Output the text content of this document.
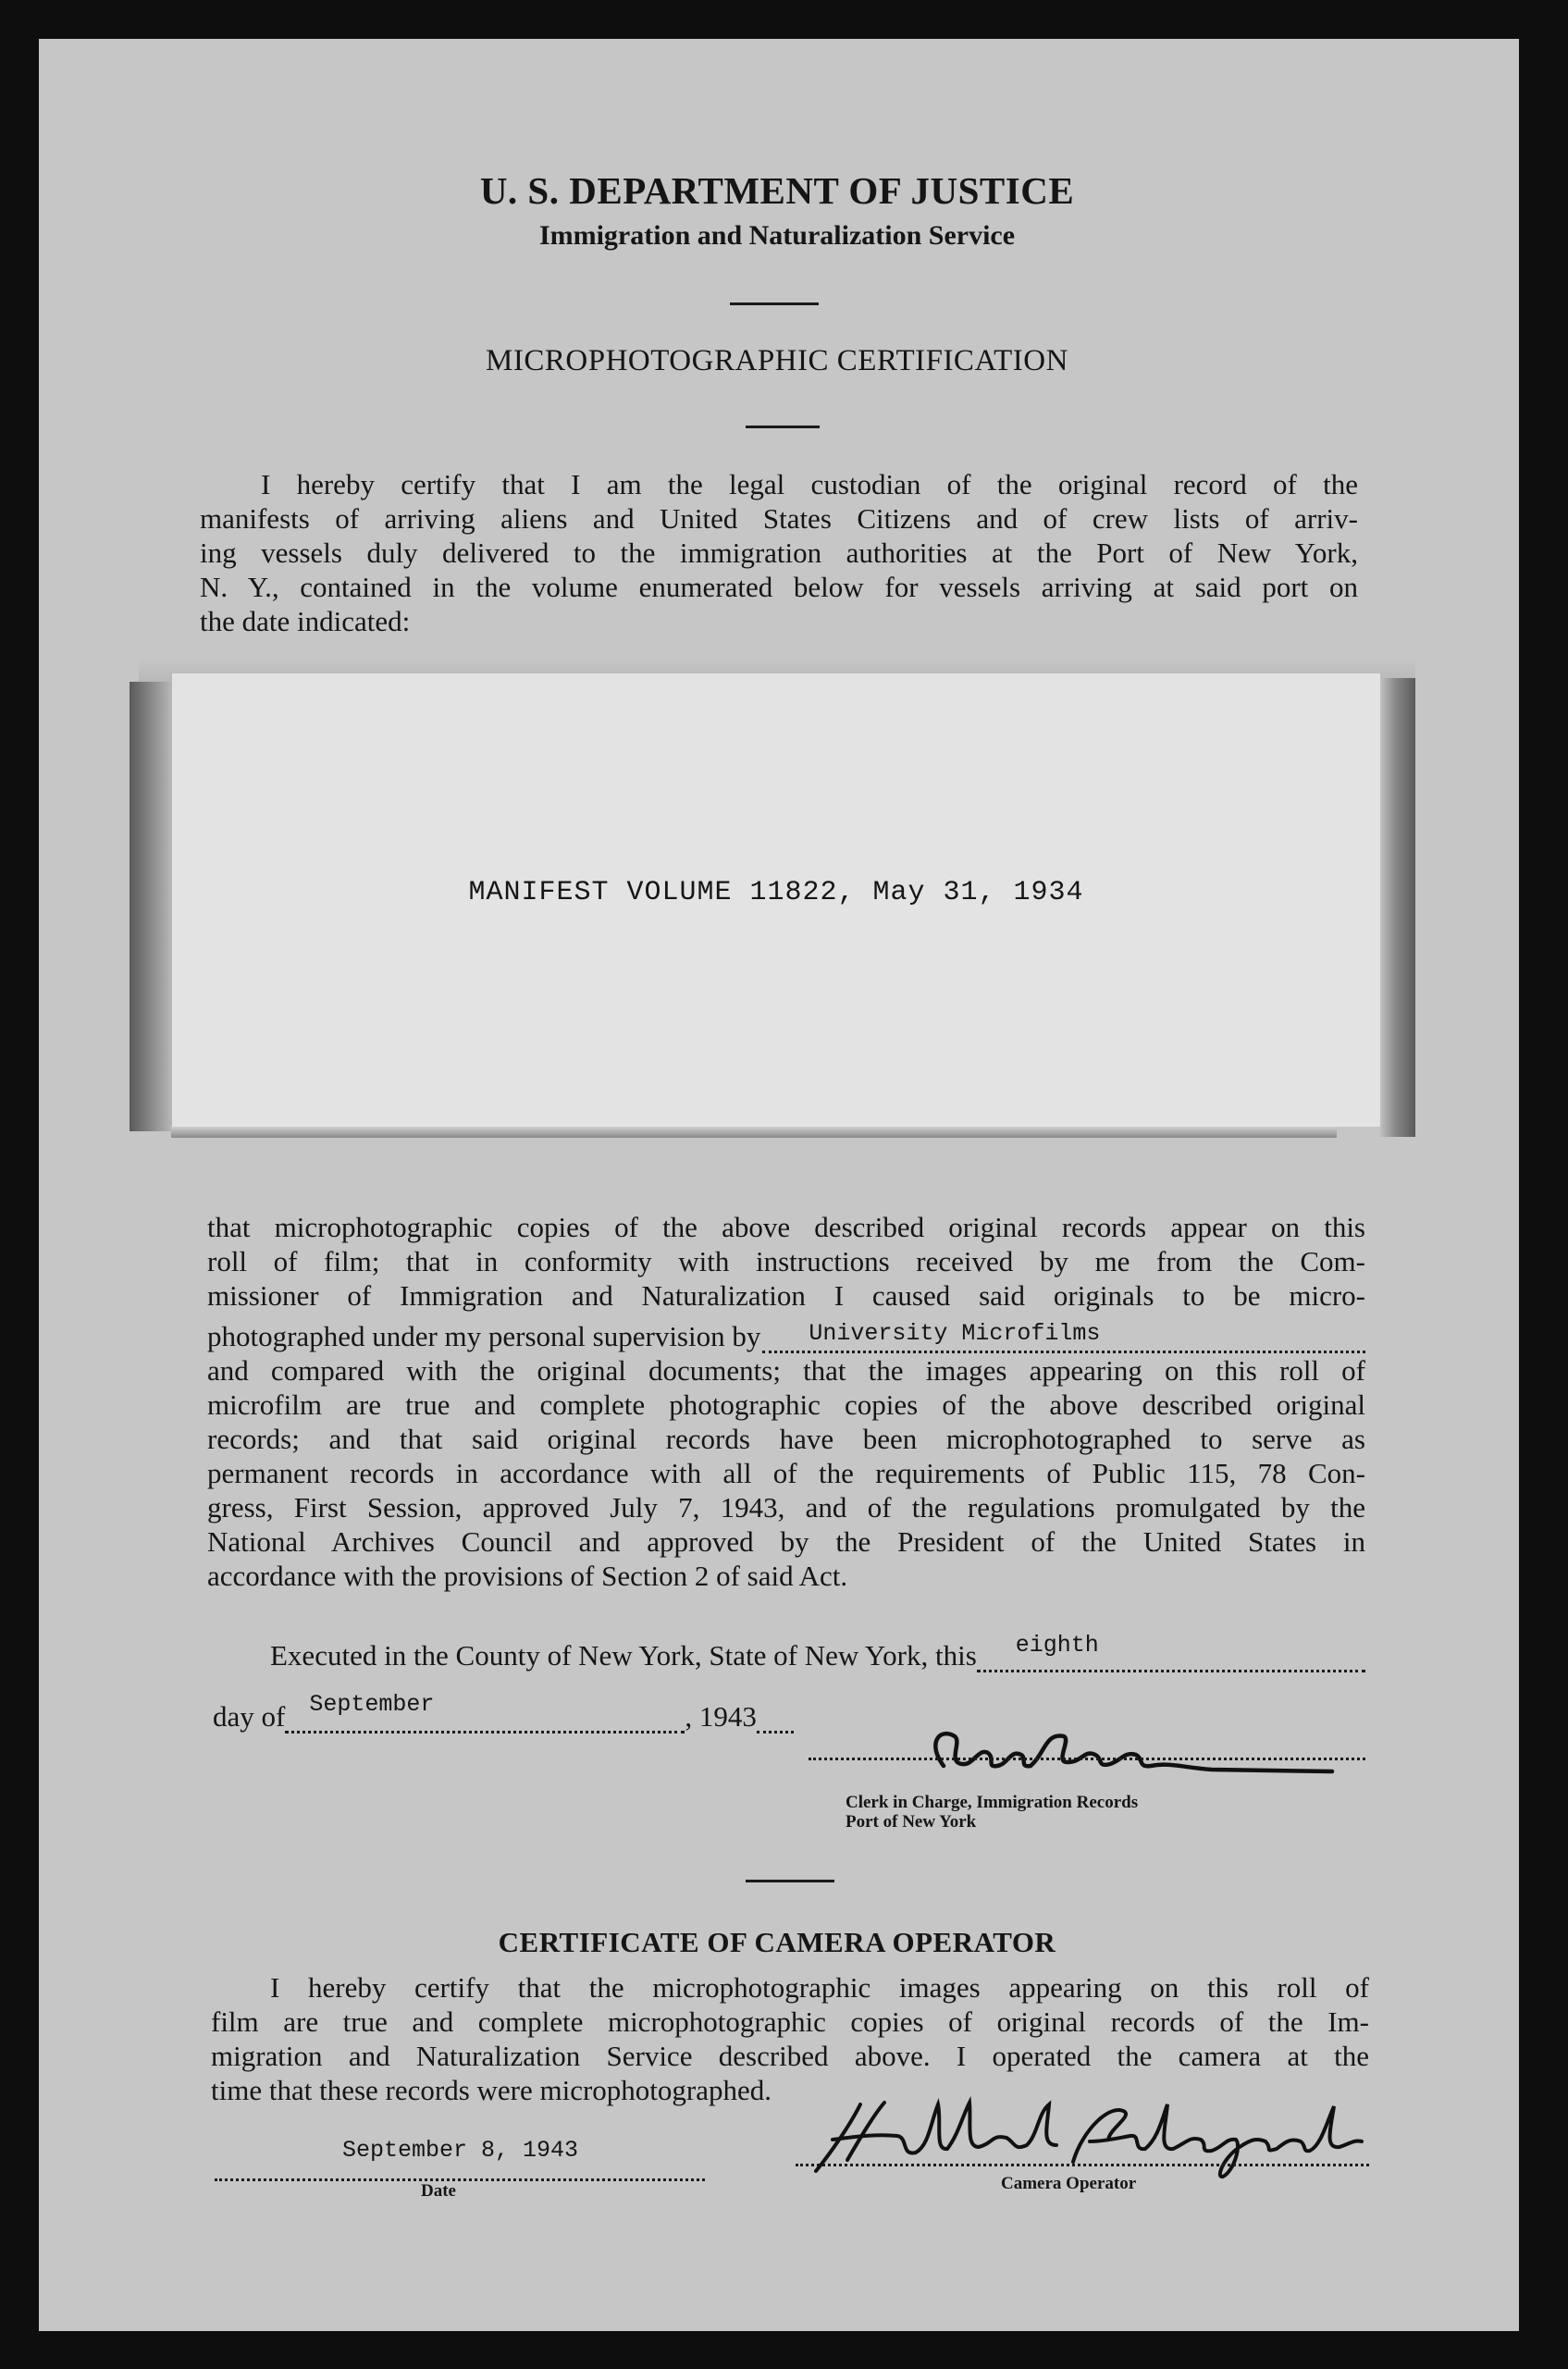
U. S. DEPARTMENT OF JUSTICE
Immigration and Naturalization Service
MICROPHOTOGRAPHIC CERTIFICATION
I hereby certify that I am the legal custodian of the original record of the
manifests of arriving aliens and United States Citizens and of crew lists of arriv-
ing vessels duly delivered to the immigration authorities at the Port of New York,
N. Y., contained in the volume enumerated below for vessels arriving at said port on
the date indicated:
MANIFEST VOLUME 11822, May 31, 1934
that microphotographic copies of the above described original records appear on this
roll of film; that in conformity with instructions received by me from the Com-
missioner of Immigration and Naturalization I caused said originals to be micro-
photographed under my personal supervision by University Microfilms
and compared with the original documents; that the images appearing on this roll of
microfilm are true and complete photographic copies of the above described original
records; and that said original records have been microphotographed to serve as
permanent records in accordance with all of the requirements of Public 115, 78 Con-
gress, First Session, approved July 7, 1943, and of the regulations promulgated by the
National Archives Council and approved by the President of the United States in
accordance with the provisions of Section 2 of said Act.
Executed in the County of New York, State of New York, this eighth
day of September	, 194 3
Clerk in Charge, Immigration Records
Port of New York
CERTIFICATE OF CAMERA OPERATOR
I hereby certify that the microphotographic images appearing on this roll of
film are true and complete microphotographic copies of original records of the Im-
migration and Naturalization Service described above. I operated the camera at the
time that these records were microphotographed.
September 8, 1943
Date	Camera Operator
